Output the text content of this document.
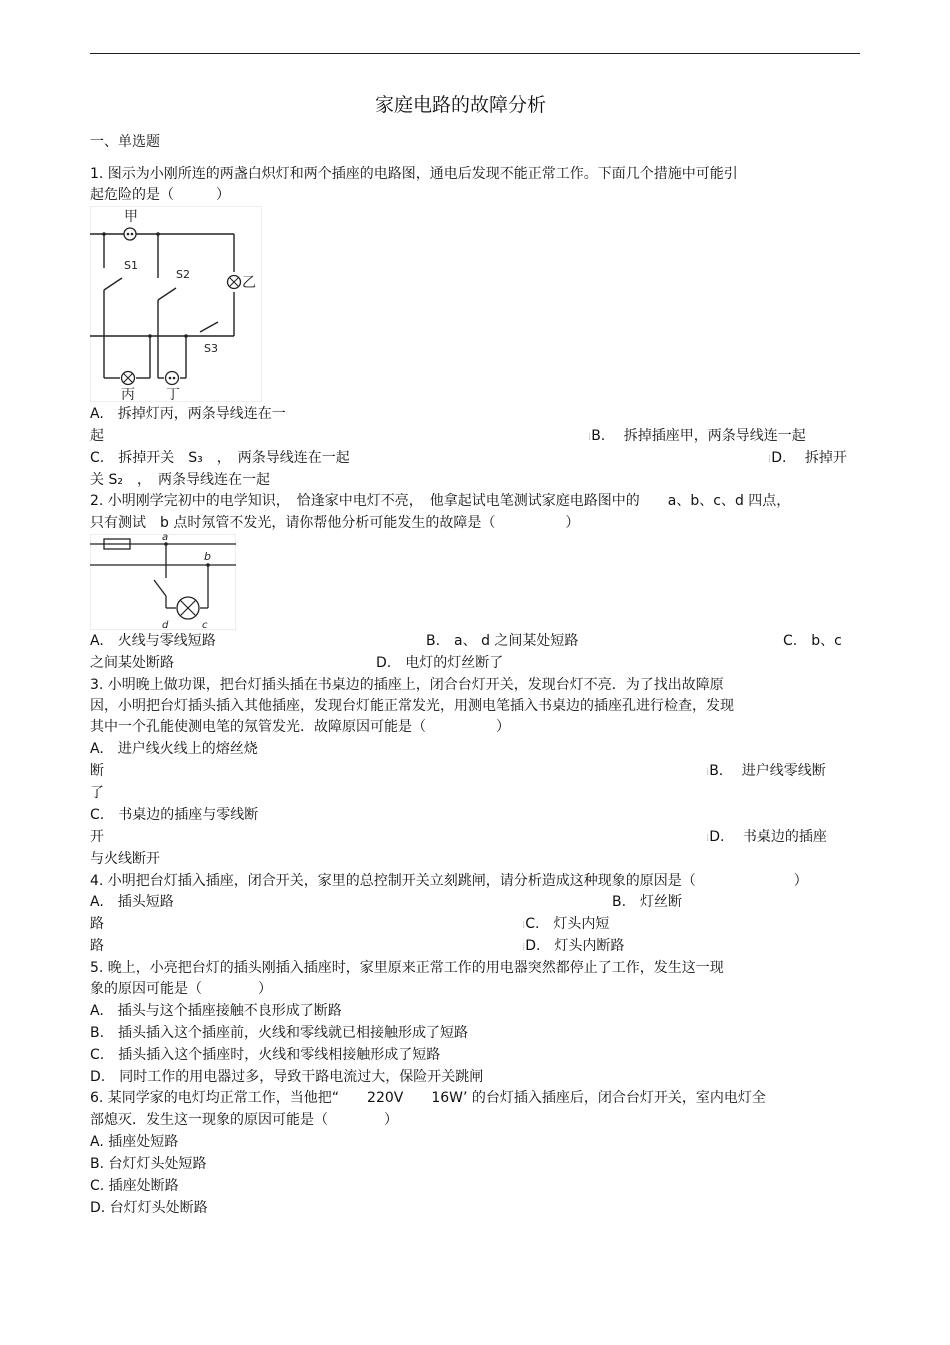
家庭电路的故障分析
一、单选题
1. 图示为小刚所连的两盏白炽灯和两个插座的电路图，通电后发现不能正常工作。下面几个措施中可能引
起危险的是（　　　）
甲
S1
S2
乙
S3
丙 丁
A.　拆掉灯丙，两条导线连在一
起	⁞B.　 拆掉插座甲，两条导线连一起
C.　拆掉开关　S₃　，　两条导线连在一起	⁞D.　 拆掉开
关 S₂　，　两条导线连在一起
2. 小明刚学完初中的电学知识，　恰逢家中电灯不亮，　他拿起试电笔测试家庭电路图中的　　a、b、c、d 四点，
只有测试　b 点时氖管不发光，请你帮他分析可能发生的故障是（　　　　　）
a
b
c
d
A.　火线与零线短路	B.　a、 d 之间某处短路	C.　b、c
之间某处断路	D.　电灯的灯丝断了
3. 小明晚上做功课，把台灯插头插在书桌边的插座上，闭合台灯开关，发现台灯不亮．为了找出故障原
因，小明把台灯插头插入其他插座，发现台灯能正常发光，用测电笔插入书桌边的插座孔进行检查，发现
其中一个孔能使测电笔的氖管发光．故障原因可能是（　　　　　）
A.　进户线火线上的熔丝烧
断	⁞B.　 进户线零线断
了
C.　书桌边的插座与零线断
开	⁞D.　 书桌边的插座
与火线断开
4. 小明把台灯插入插座，闭合开关，家里的总控制开关立刻跳闸，请分析造成这种现象的原因是（　　　　　　　）
A.　插头短路	B.　灯丝断
路	⁞C.　灯头内短
路	⁞D.　灯头内断路
5. 晚上，小亮把台灯的插头刚插入插座时，家里原来正常工作的用电器突然都停止了工作，发生这一现
象的原因可能是（　　　　）
A.　插头与这个插座接触不良形成了断路
B.　插头插入这个插座前，火线和零线就已相接触形成了短路
C.　插头插入这个插座时，火线和零线相接触形成了短路
D.　同时工作的用电器过多，导致干路电流过大，保险开关跳闸
6. 某同学家的电灯均正常工作，当他把“　　220V　　16W’ 的台灯插入插座后，闭合台灯开关，室内电灯全
部熄灭．发生这一现象的原因可能是（　　　　）
A. 插座处短路
B. 台灯灯头处短路
C. 插座处断路
D. 台灯灯头处断路
